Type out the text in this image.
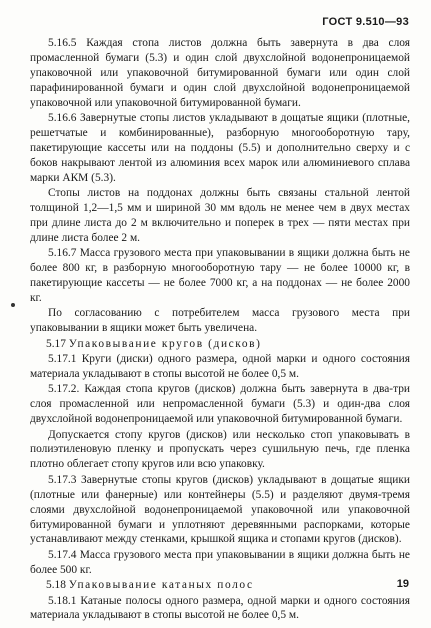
ГОСТ 9.510—93

5.16.5 Каждая стопа листов должна быть завернута в два слоя промасленной бумаги (5.3) и один слой двухслойной водонепроницаемой упаковочной или упаковочной битумированной бумаги или один слой парафинированной бумаги и один слой двухслойной водонепроницаемой упаковочной или упаковочной битумированной бумаги.

5.16.6 Завернутые стопы листов укладывают в дощатые ящики (плотные, решетчатые и комбинированные), разборную многооборотную тару, пакетирующие кассеты или на поддоны (5.5) и дополнительно сверху и с боков накрывают лентой из алюминия всех марок или алюминиевого сплава марки АКМ (5.3).

Стопы листов на поддонах должны быть связаны стальной лентой толщиной 1,2—1,5 мм и шириной 30 мм вдоль не менее чем в двух местах при длине листа до 2 м включительно и поперек в трех — пяти местах при длине листа более 2 м.

5.16.7 Масса грузового места при упаковывании в ящики должна быть не более 800 кг, в разборную многооборотную тару — не более 10000 кг, в пакетирующие кассеты — не более 7000 кг, а на поддонах — не более 2000 кг.

По согласованию с потребителем масса грузового места при упаковывании в ящики может быть увеличена.

5.17 Упаковывание кругов (дисков)

5.17.1 Круги (диски) одного размера, одной марки и одного состояния материала укладывают в стопы высотой не более 0,5 м.

5.17.2. Каждая стопа кругов (дисков) должна быть завернута в два-три слоя промасленной или непромасленной бумаги (5.3) и один-два слоя двухслойной водонепроницаемой или упаковочной битумированной бумаги.

Допускается стопу кругов (дисков) или несколько стоп упаковывать в полиэтиленовую пленку и пропускать через сушильную печь, где пленка плотно облегает стопу кругов или всю упаковку.

5.17.3 Завернутые стопы кругов (дисков) укладывают в дощатые ящики (плотные или фанерные) или контейнеры (5.5) и разделяют двумя-тремя слоями двухслойной водонепроницаемой упаковочной или упаковочной битумированной бумаги и уплотняют деревянными распорками, которые устанавливают между стенками, крышкой ящика и стопами кругов (дисков).

5.17.4 Масса грузового места при упаковывании в ящики должна быть не более 500 кг.

5.18 Упаковывание катаных полос

5.18.1 Катаные полосы одного размера, одной марки и одного состояния материала укладывают в стопы высотой не более 0,5 м.

19
